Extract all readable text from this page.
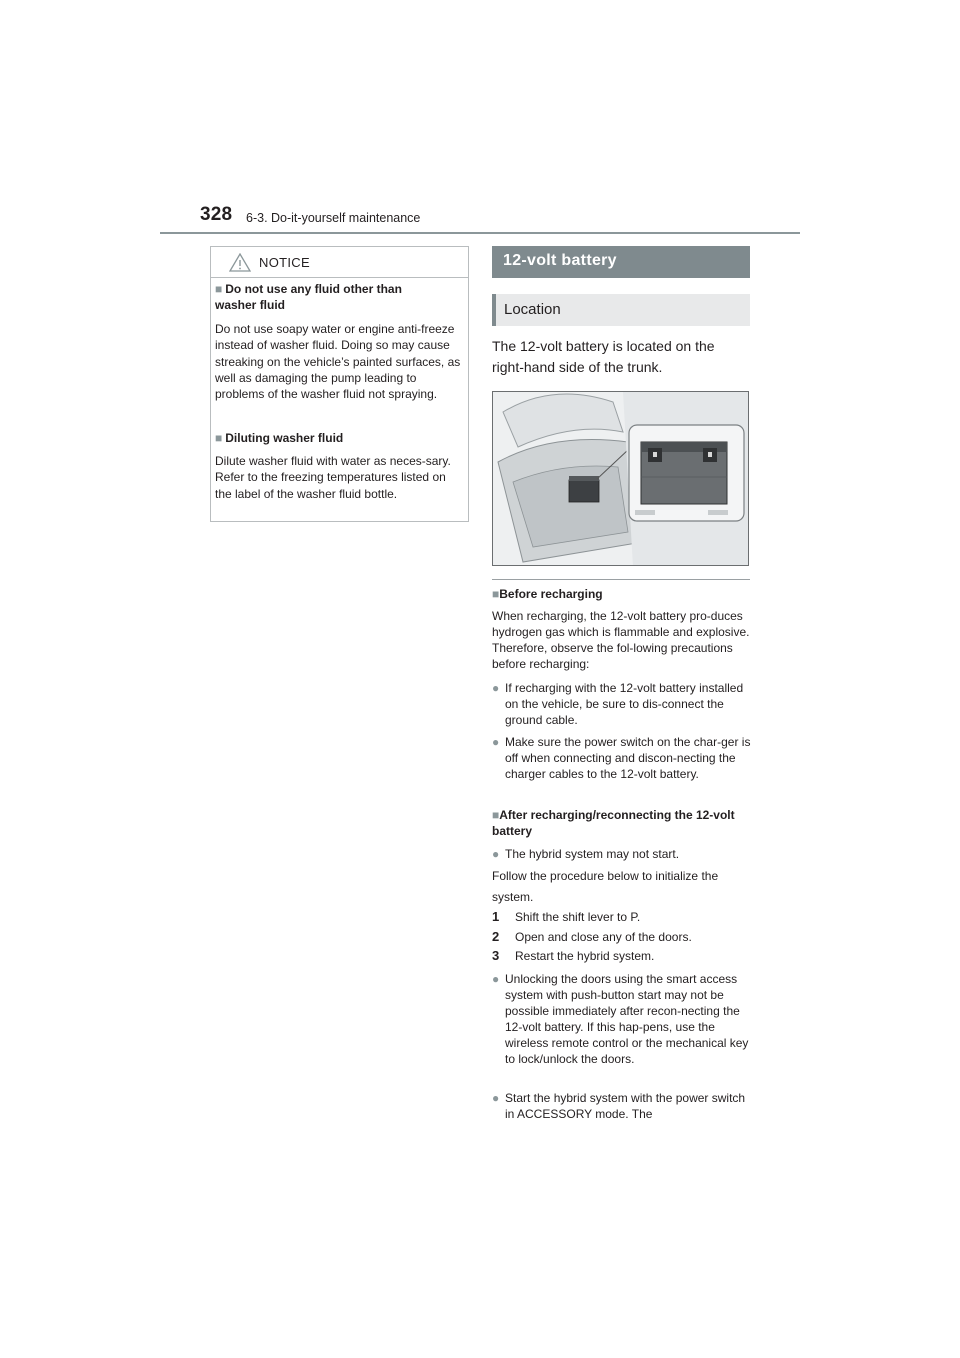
328 6-3. Do-it-yourself maintenance
NOTICE
■ Do not use any fluid other than washer fluid
Do not use soapy water or engine anti-freeze instead of washer fluid. Doing so may cause streaking on the vehicle’s painted surfaces, as well as damaging the pump leading to problems of the washer fluid not spraying.
■ Diluting washer fluid
Dilute washer fluid with water as neces-sary. Refer to the freezing temperatures listed on the label of the washer fluid bottle.
12-volt battery
Location
The 12-volt battery is located on the right-hand side of the trunk.
■Before recharging
When recharging, the 12-volt battery pro-duces hydrogen gas which is flammable and explosive. Therefore, observe the fol-lowing precautions before recharging:
● If recharging with the 12-volt battery installed on the vehicle, be sure to dis-connect the ground cable.
● Make sure the power switch on the char-ger is off when connecting and discon-necting the charger cables to the 12-volt battery.
■After recharging/reconnecting the 12-volt battery
● The hybrid system may not start.
Follow the procedure below to initialize the system.
1 Shift the shift lever to P.
2 Open and close any of the doors.
3 Restart the hybrid system.
● Unlocking the doors using the smart access system with push-button start may not be possible immediately after recon-necting the 12-volt battery. If this hap-pens, use the wireless remote control or the mechanical key to lock/unlock the doors.
● Start the hybrid system with the power switch in ACCESSORY mode. The
